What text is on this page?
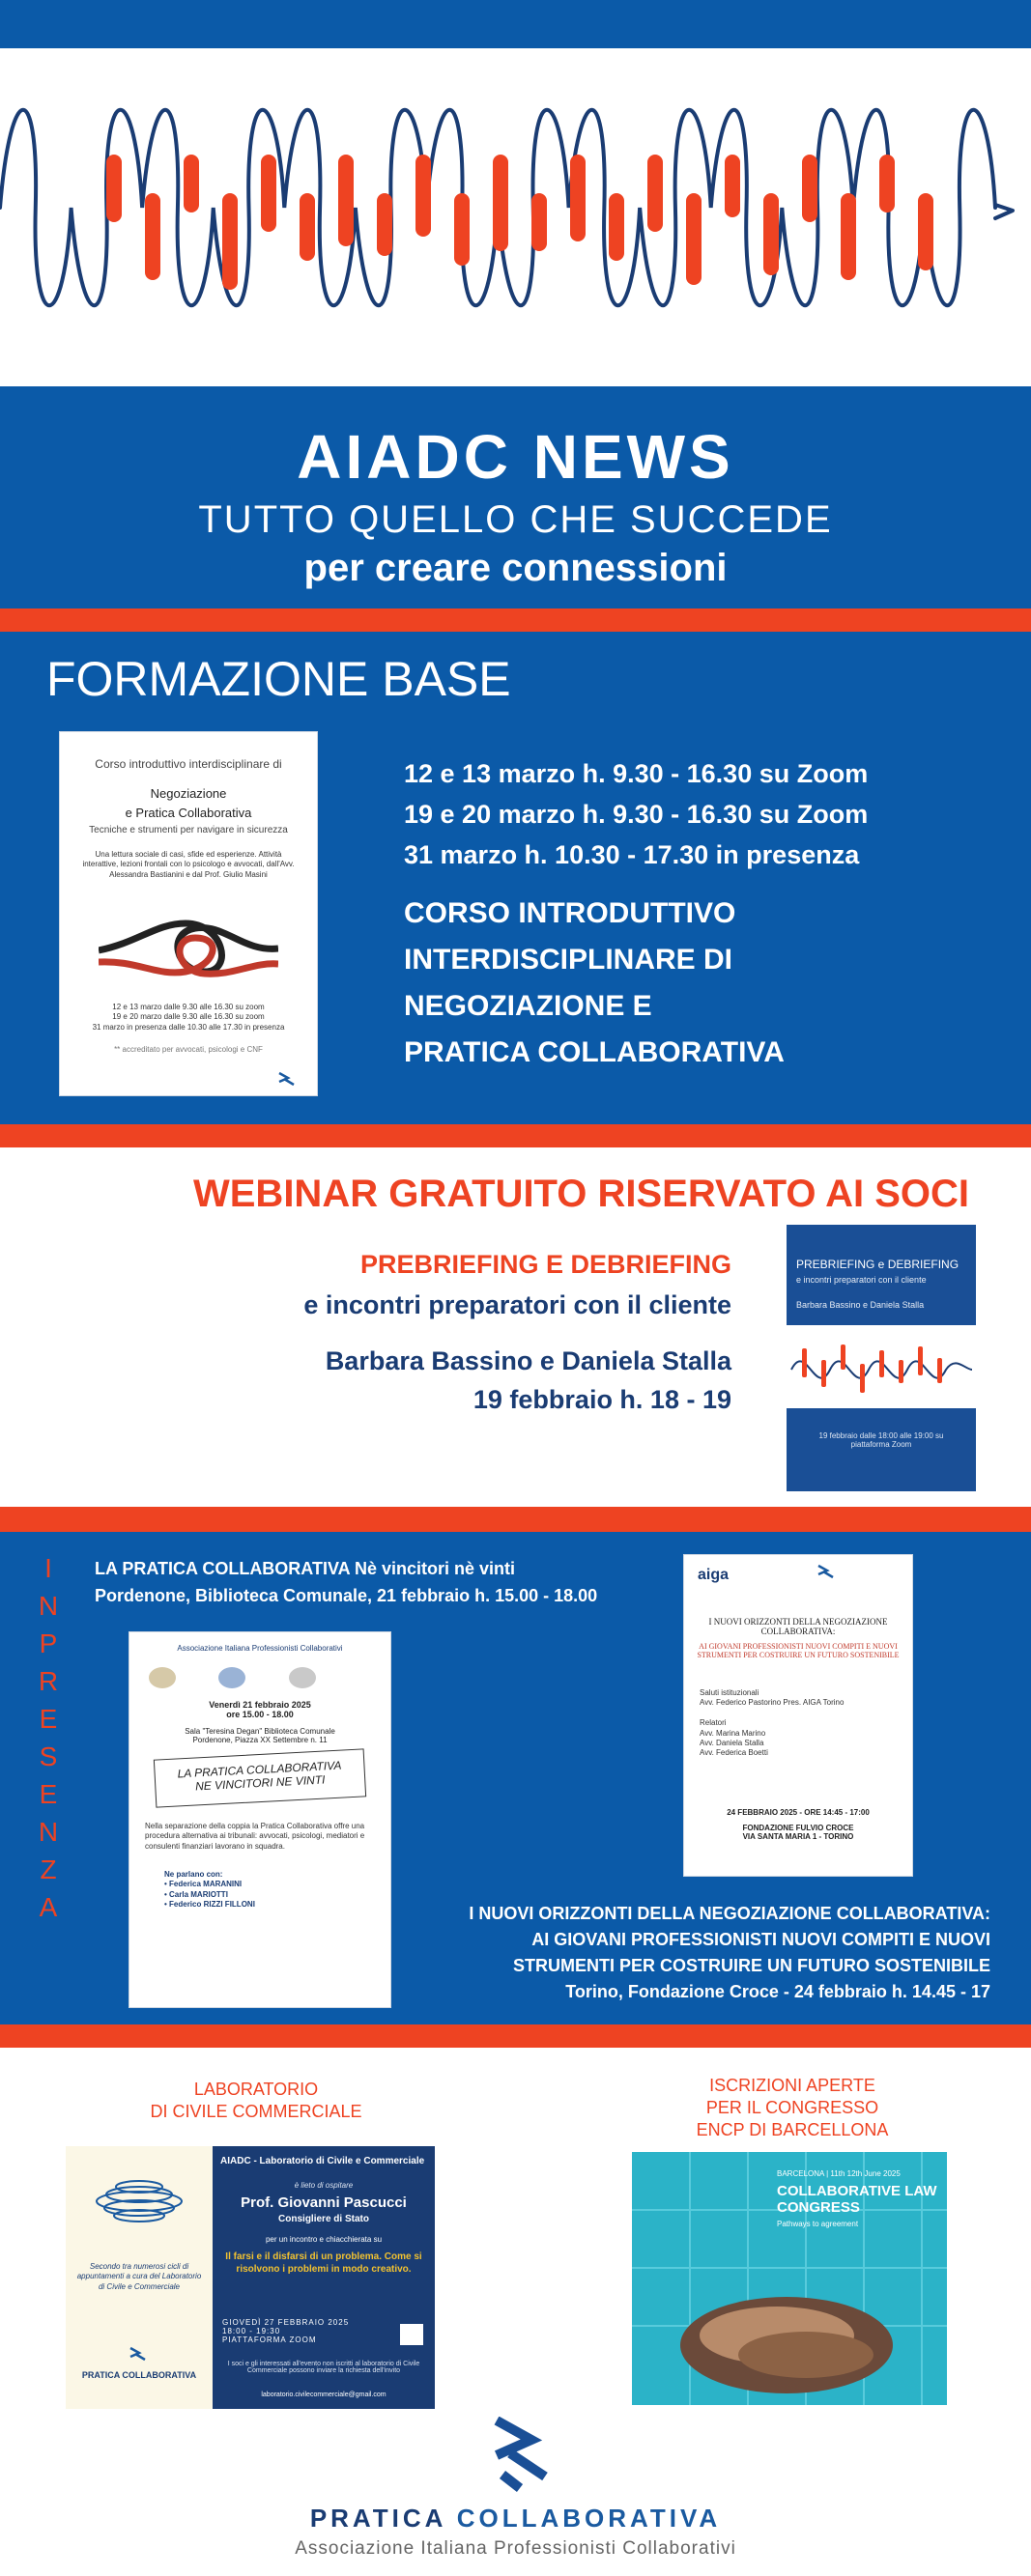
AIADC NEWS
TUTTO QUELLO CHE SUCCEDE
per creare connessioni
FORMAZIONE BASE
Corso introduttivo interdisciplinare di
Negoziazione
e Pratica Collaborativa
Tecniche e strumenti per navigare in sicurezza
Una lettura sociale di casi, sfide ed esperienze. Attività interattive, lezioni frontali con lo psicologo e avvocati, dall'Avv. Alessandra Bastianini e dal Prof. Giulio Masini
12 e 13 marzo dalle 9.30 alle 16.30 su zoom
19 e 20 marzo dalle 9.30 alle 16.30 su zoom
31 marzo in presenza dalle 10.30 alle 17.30 in presenza
** accreditato per avvocati, psicologi e CNF
12 e 13 marzo h. 9.30 - 16.30 su Zoom
19 e 20 marzo h. 9.30 - 16.30 su Zoom
31 marzo h. 10.30 - 17.30 in presenza
CORSO INTRODUTTIVO
INTERDISCIPLINARE DI
NEGOZIAZIONE E
PRATICA COLLABORATIVA
WEBINAR GRATUITO RISERVATO AI SOCI
PREBRIEFING E DEBRIEFING
e incontri preparatori con il cliente
Barbara Bassino e Daniela Stalla
19 febbraio h. 18 - 19
PREBRIEFING e DEBRIEFING
e incontri preparatori con il cliente
Barbara Bassino e Daniela Stalla
19 febbraio dalle 18:00 alle 19:00 su piattaforma Zoom
I
N
P
R
E
S
E
N
Z
A
LA PRATICA COLLABORATIVA Nè vincitori nè vinti
Pordenone, Biblioteca Comunale, 21 febbraio h. 15.00 - 18.00
Associazione Italiana Professionisti Collaborativi

Venerdì 21 febbraio 2025
ore 15.00 - 18.00
Sala "Teresina Degan" Biblioteca Comunale
Pordenone, Piazza XX Settembre n. 11
LA PRATICA COLLABORATIVA
NE VINCITORI NE VINTI
Nella separazione della coppia la Pratica Collaborativa offre una procedura alternativa ai tribunali: avvocati, psicologi, mediatori e consulenti finanziari lavorano in squadra.
Ne parlano con:
• Federica MARANINI
• Carla MARIOTTI
• Federico RIZZI FILLONI
aiga
I NUOVI ORIZZONTI DELLA NEGOZIAZIONE COLLABORATIVA:
AI GIOVANI PROFESSIONISTI NUOVI COMPITI E NUOVI STRUMENTI PER COSTRUIRE UN FUTURO SOSTENIBILE
Saluti istituzionali
Avv. Federico Pastorino Pres. AIGA Torino

Relatori
Avv. Marina Marino
Avv. Daniela Stalla
Avv. Federica Boetti
24 FEBBRAIO 2025 - ORE 14:45 - 17:00
FONDAZIONE FULVIO CROCE
VIA SANTA MARIA 1 - TORINO
I NUOVI ORIZZONTI DELLA NEGOZIAZIONE COLLABORATIVA:
AI GIOVANI PROFESSIONISTI NUOVI COMPITI E NUOVI
STRUMENTI PER COSTRUIRE UN FUTURO SOSTENIBILE
Torino, Fondazione Croce - 24 febbraio h. 14.45 - 17
LABORATORIO
DI CIVILE COMMERCIALE
Secondo tra numerosi cicli di appuntamenti a cura del Laboratorio di Civile e Commerciale
PRATICA COLLABORATIVA
AIADC - Laboratorio di Civile e Commerciale
è lieto di ospitare
Prof. Giovanni Pascucci
Consigliere di Stato
per un incontro e chiacchierata su
Il farsi e il disfarsi di un problema. Come si risolvono i problemi in modo creativo.
GIOVEDÌ 27 FEBBRAIO 2025
18:00 - 19:30
PIATTAFORMA ZOOM
I soci e gli interessati all'evento non iscritti al laboratorio di Civile Commerciale possono inviare la richiesta dell'invito
laboratorio.civilecommerciale@gmail.com
ISCRIZIONI APERTE
PER IL CONGRESSO
ENCP DI BARCELLONA
BARCELONA | 11th 12th June 2025
COLLABORATIVE LAW CONGRESS
Pathways to agreement
PRATICA COLLABORATIVA
Associazione Italiana Professionisti Collaborativi
